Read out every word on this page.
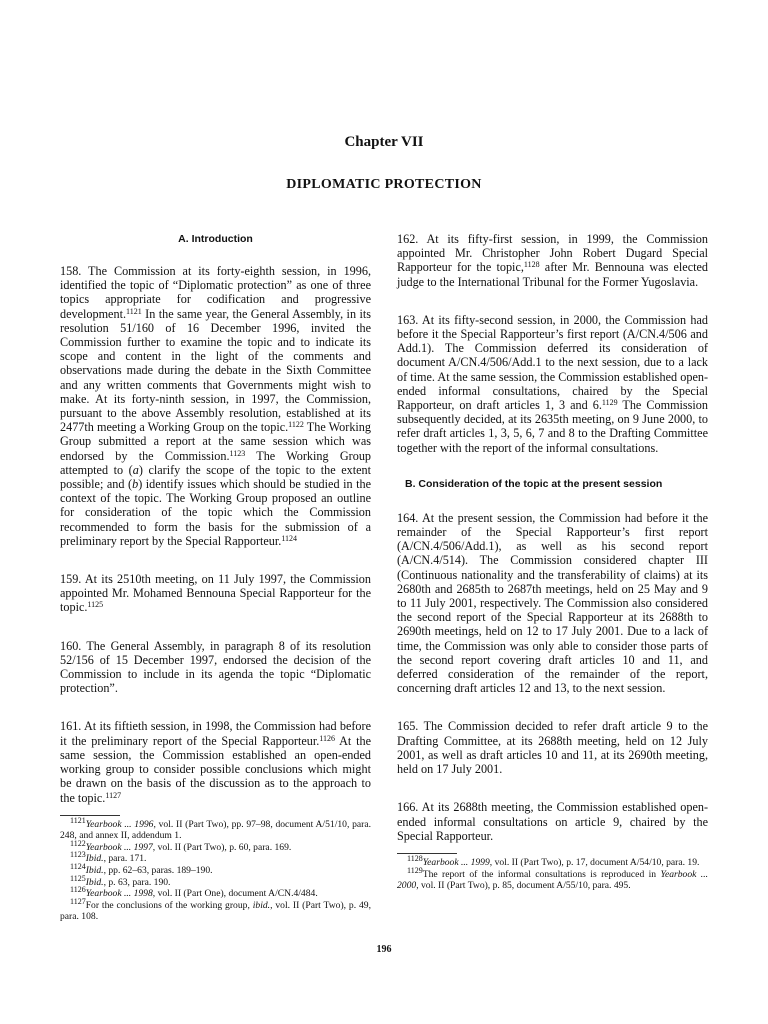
Chapter VII
DIPLOMATIC PROTECTION
A. Introduction

158. The Commission at its forty-eighth session, in 1996, identified the topic of “Diplomatic protection” as one of three topics appropriate for codification and progressive development.$^{1121}$ In the same year, the General Assembly, in its resolution 51/160 of 16 December 1996, invited the Commission further to examine the topic and to indicate its scope and content in the light of the comments and observations made during the debate in the Sixth Committee and any written comments that Governments might wish to make. At its forty-ninth session, in 1997, the Commission, pursuant to the above Assembly resolution, established at its 2477th meeting a Working Group on the topic.$^{1122}$ The Working Group submitted a report at the same session which was endorsed by the Commission.$^{1123}$ The Working Group attempted to (a) clarify the scope of the topic to the extent possible; and (b) identify issues which should be studied in the context of the topic. The Working Group proposed an outline for consideration of the topic which the Commission recommended to form the basis for the submission of a preliminary report by the Special Rapporteur.$^{1124}$

159. At its 2510th meeting, on 11 July 1997, the Commission appointed Mr. Mohamed Bennouna Special Rapporteur for the topic.$^{1125}$

160. The General Assembly, in paragraph 8 of its resolution 52/156 of 15 December 1997, endorsed the decision of the Commission to include in its agenda the topic “Diplomatic protection”.

161. At its fiftieth session, in 1998, the Commission had before it the preliminary report of the Special Rapporteur.$^{1126}$ At the same session, the Commission established an open-ended working group to consider possible conclusions which might be drawn on the basis of the discussion as to the approach to the topic.$^{1127}$

$^{1121}$Yearbook ... 1996, vol. II (Part Two), pp. 97–98, document A/51/10, para. 248, and annex II, addendum 1.

$^{1122}$Yearbook ... 1997, vol. II (Part Two), p. 60, para. 169.

$^{1123}$Ibid., para. 171.

$^{1124}$Ibid., pp. 62–63, paras. 189–190.

$^{1125}$Ibid., p. 63, para. 190.

$^{1126}$Yearbook ... 1998, vol. II (Part One), document A/CN.4/484.

$^{1127}$For the conclusions of the working group, ibid., vol. II (Part Two), p. 49, para. 108.

162. At its fifty-first session, in 1999, the Commission appointed Mr. Christopher John Robert Dugard Special Rapporteur for the topic,$^{1128}$ after Mr. Bennouna was elected judge to the International Tribunal for the Former Yugoslavia.

163. At its fifty-second session, in 2000, the Commission had before it the Special Rapporteur’s first report (A/CN.4/506 and Add.1). The Commission deferred its consideration of document A/CN.4/506/Add.1 to the next session, due to a lack of time. At the same session, the Commission established open-ended informal consultations, chaired by the Special Rapporteur, on draft articles 1, 3 and 6.$^{1129}$ The Commission subsequently decided, at its 2635th meeting, on 9 June 2000, to refer draft articles 1, 3, 5, 6, 7 and 8 to the Drafting Committee together with the report of the informal consultations.

B. Consideration of the topic at the present session

164. At the present session, the Commission had before it the remainder of the Special Rapporteur’s first report (A/CN.4/506/Add.1), as well as his second report (A/CN.4/514). The Commission considered chapter III (Continuous nationality and the transferability of claims) at its 2680th and 2685th to 2687th meetings, held on 25 May and 9 to 11 July 2001, respectively. The Commission also considered the second report of the Special Rapporteur at its 2688th to 2690th meetings, held on 12 to 17 July 2001. Due to a lack of time, the Commission was only able to consider those parts of the second report covering draft articles 10 and 11, and deferred consideration of the remainder of the report, concerning draft articles 12 and 13, to the next session.

165. The Commission decided to refer draft article 9 to the Drafting Committee, at its 2688th meeting, held on 12 July 2001, as well as draft articles 10 and 11, at its 2690th meeting, held on 17 July 2001.

166. At its 2688th meeting, the Commission established open-ended informal consultations on article 9, chaired by the Special Rapporteur.

$^{1128}$Yearbook ... 1999, vol. II (Part Two), p. 17, document A/54/10, para. 19.

$^{1129}$The report of the informal consultations is reproduced in Yearbook ... 2000, vol. II (Part Two), p. 85, document A/55/10, para. 495.

196
